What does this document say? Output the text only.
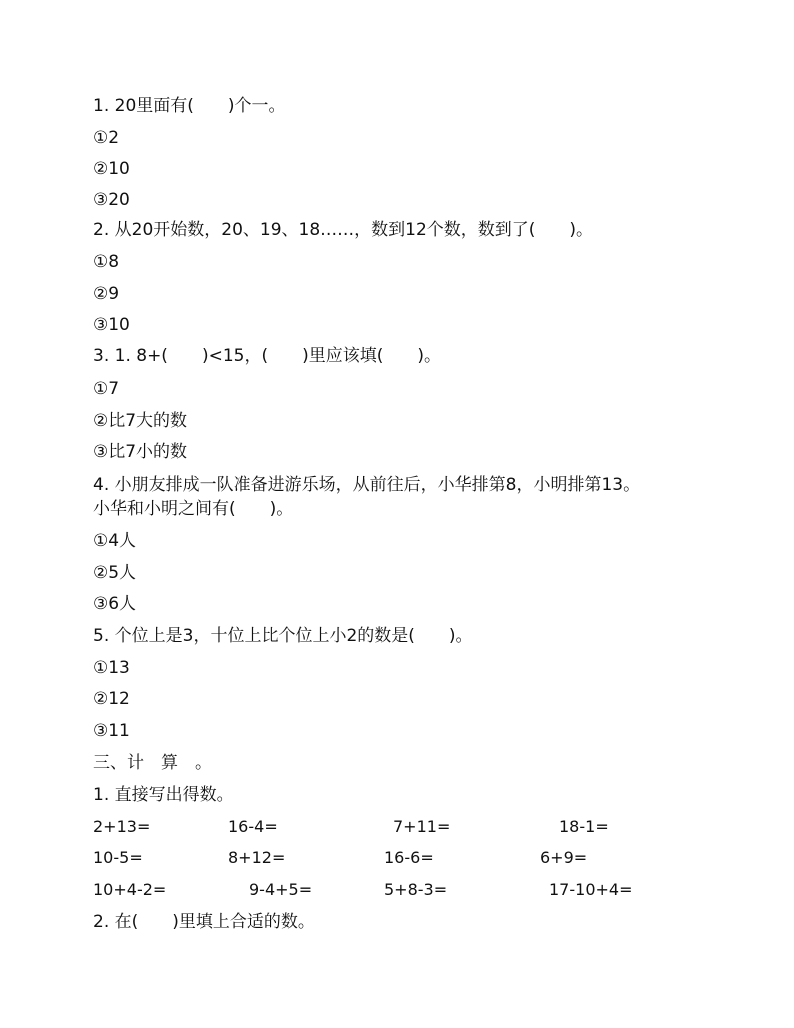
1. 20里面有(　　)个一。
①2
②10
③20
2. 从20开始数，20、19、18……，数到12个数，数到了(　　)。
①8
②9
③10
3. 1. 8+(　　)<15，(　　)里应该填(　　)。
①7
②比7大的数
③比7小的数
4. 小朋友排成一队准备进游乐场，从前往后，小华排第8，小明排第13。
小华和小明之间有(　　)。
①4人
②5人
③6人
5. 个位上是3，十位上比个位上小2的数是(　　)。
①13
②12
③11
三、计　算　。
1. 直接写出得数。
2+13=	16-4=	7+11=	18-1=
10-5=	8+12=	16-6=	6+9=
10+4-2=	9-4+5=	5+8-3=	17-10+4=
2. 在(　　)里填上合适的数。
